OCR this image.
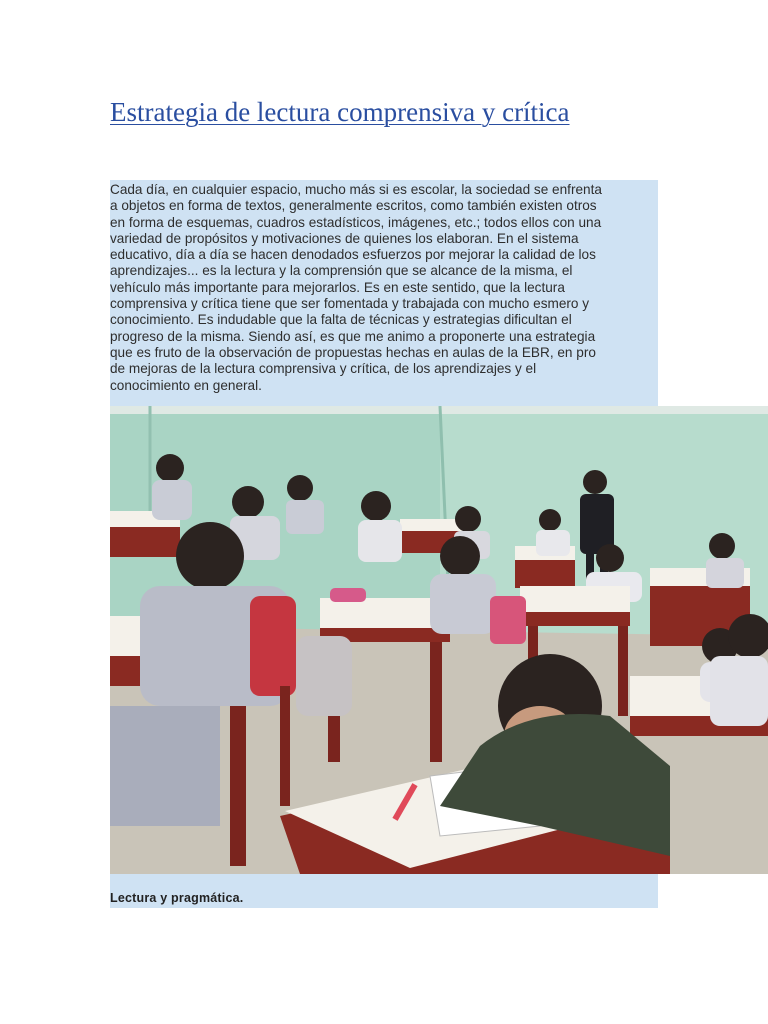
Estrategia de lectura comprensiva y crítica

Cada día, en cualquier espacio, mucho más si es escolar, la sociedad se enfrenta
a objetos en forma de textos, generalmente escritos, como también existen otros
en forma de esquemas, cuadros estadísticos, imágenes, etc.; todos ellos con una
variedad de propósitos y motivaciones de quienes los elaboran. En el sistema
educativo, día a día se hacen denodados esfuerzos por mejorar la calidad de los
aprendizajes... es la lectura y la comprensión que se alcance de la misma, el
vehículo más importante para mejorarlos. Es en este sentido, que la lectura
comprensiva y crítica tiene que ser fomentada y trabajada con mucho esmero y
conocimiento. Es indudable que la falta de técnicas y estrategias dificultan el
progreso de la misma. Siendo así, es que me animo a proponerte una estrategia
que es fruto de la observación de propuestas hechas en aulas de la EBR, en pro
de mejoras de la lectura comprensiva y crítica, de los aprendizajes y el
conocimiento en general.

Lectura y pragmática.
